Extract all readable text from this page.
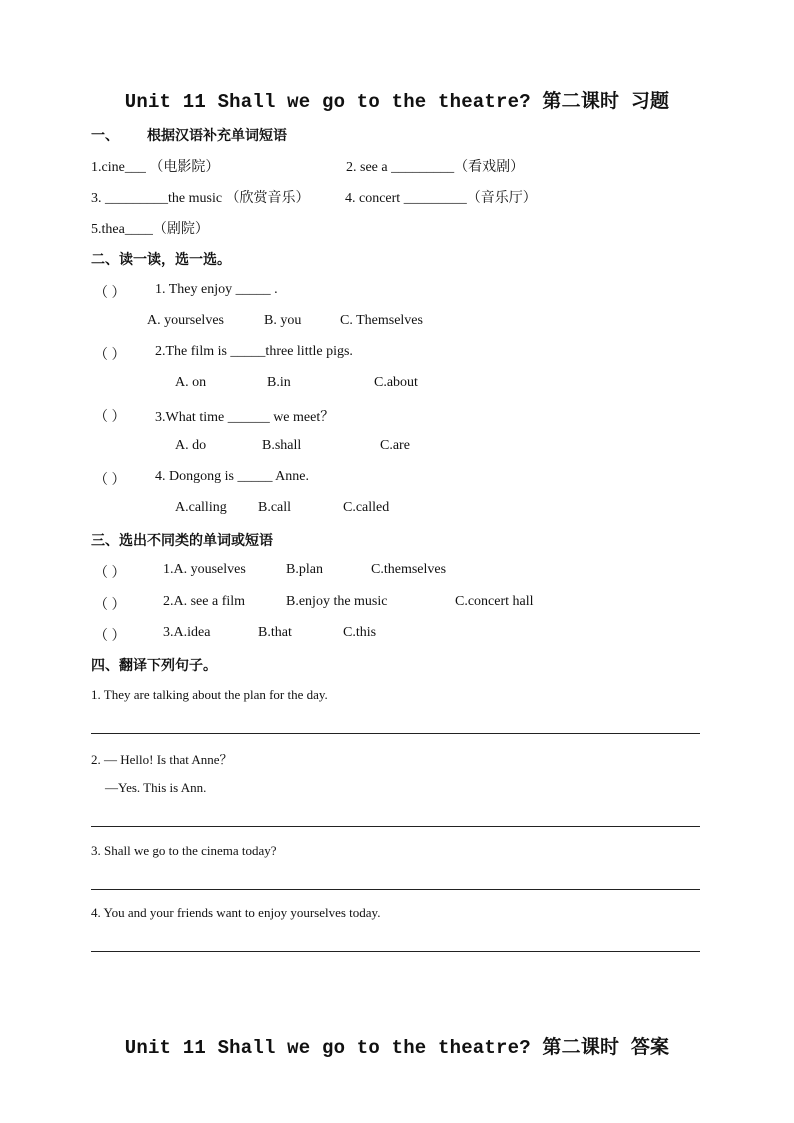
Unit 11 Shall we go to the theatre? 第二课时 习题
一、 根据汉语补充单词短语
1.cine___ （电影院）	2. see a _________（看戏剧）
3. _________the music （欣赏音乐）	4. concert _________（音乐厅）
5.thea____（剧院）
二、读一读，选一选。
（ ） 1. They enjoy _____ .
A. yourselves	B. you	C. Themselves
（ ） 2.The film is _____three little pigs.
A. on	B.in	C.about
（ ） 3.What time ______ we meet？
A. do	B.shall	C.are
（ ） 4. Dongong is _____ Anne.
A.calling B.call	C.called
三、选出不同类的单词或短语
（ ）	1.A. youselves	B.plan	C.themselves
（ ）	2.A. see a film	B.enjoy the music	C.concert hall
（ ）	3.A.idea	B.that	C.this
四、翻译下列句子。
1. They are talking about the plan for the day.
2. — Hello! Is that Anne？
—Yes. This is Ann.
3. Shall we go to the cinema today?
4. You and your friends want to enjoy yourselves today.
Unit 11 Shall we go to the theatre? 第二课时 答案
